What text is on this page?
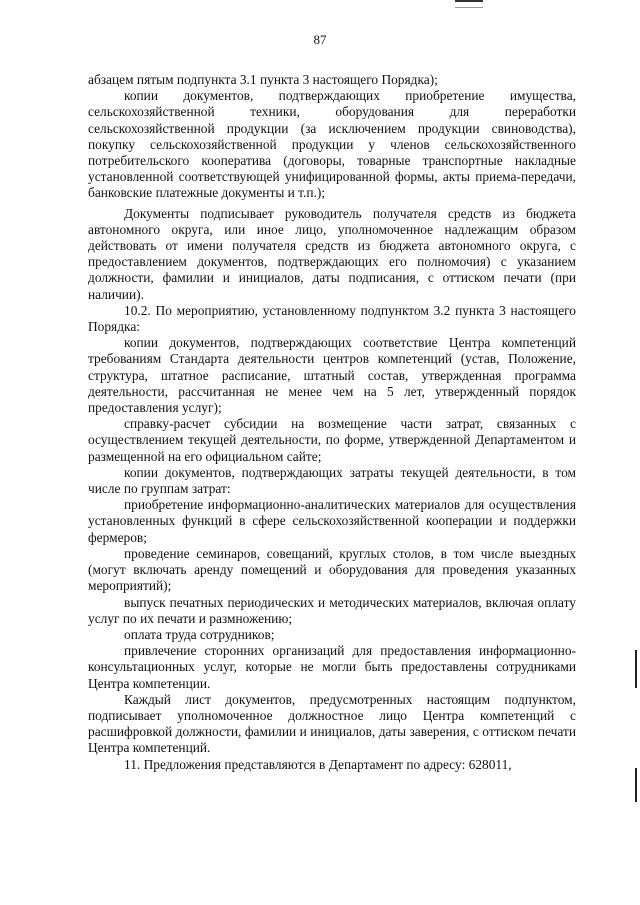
87

абзацем пятым подпункта 3.1 пункта 3 настоящего Порядка);

копии документов, подтверждающих приобретение имущества, сельскохозяйственной техники, оборудования для переработки сельскохозяйственной продукции (за исключением продукции свиноводства), покупку сельскохозяйственной продукции у членов сельскохозяйственного потребительского кооператива (договоры, товарные транспортные накладные установленной соответствующей унифицированной формы, акты приема-передачи, банковские платежные документы и т.п.);

Документы подписывает руководитель получателя средств из бюджета автономного округа, или иное лицо, уполномоченное надлежащим образом действовать от имени получателя средств из бюджета автономного округа, с предоставлением документов, подтверждающих его полномочия) с указанием должности, фамилии и инициалов, даты подписания, с оттиском печати (при наличии).

10.2. По мероприятию, установленному подпунктом 3.2 пункта 3 настоящего Порядка:

копии документов, подтверждающих соответствие Центра компетенций требованиям Стандарта деятельности центров компетенций (устав, Положение, структура, штатное расписание, штатный состав, утвержденная программа деятельности, рассчитанная не менее чем на 5 лет, утвержденный порядок предоставления услуг);

справку-расчет субсидии на возмещение части затрат, связанных с осуществлением текущей деятельности, по форме, утвержденной Департаментом и размещенной на его официальном сайте;

копии документов, подтверждающих затраты текущей деятельности, в том числе по группам затрат:

приобретение информационно-аналитических материалов для осуществления установленных функций в сфере сельскохозяйственной кооперации и поддержки фермеров;

проведение семинаров, совещаний, круглых столов, в том числе выездных (могут включать аренду помещений и оборудования для проведения указанных мероприятий);

выпуск печатных периодических и методических материалов, включая оплату услуг по их печати и размножению;

оплата труда сотрудников;

привлечение сторонних организаций для предоставления информационно-консультационных услуг, которые не могли быть предоставлены сотрудниками Центра компетенции.

Каждый лист документов, предусмотренных настоящим подпунктом, подписывает уполномоченное должностное лицо Центра компетенций с расшифровкой должности, фамилии и инициалов, даты заверения, с оттиском печати Центра компетенций.

11. Предложения представляются в Департамент по адресу: 628011,
